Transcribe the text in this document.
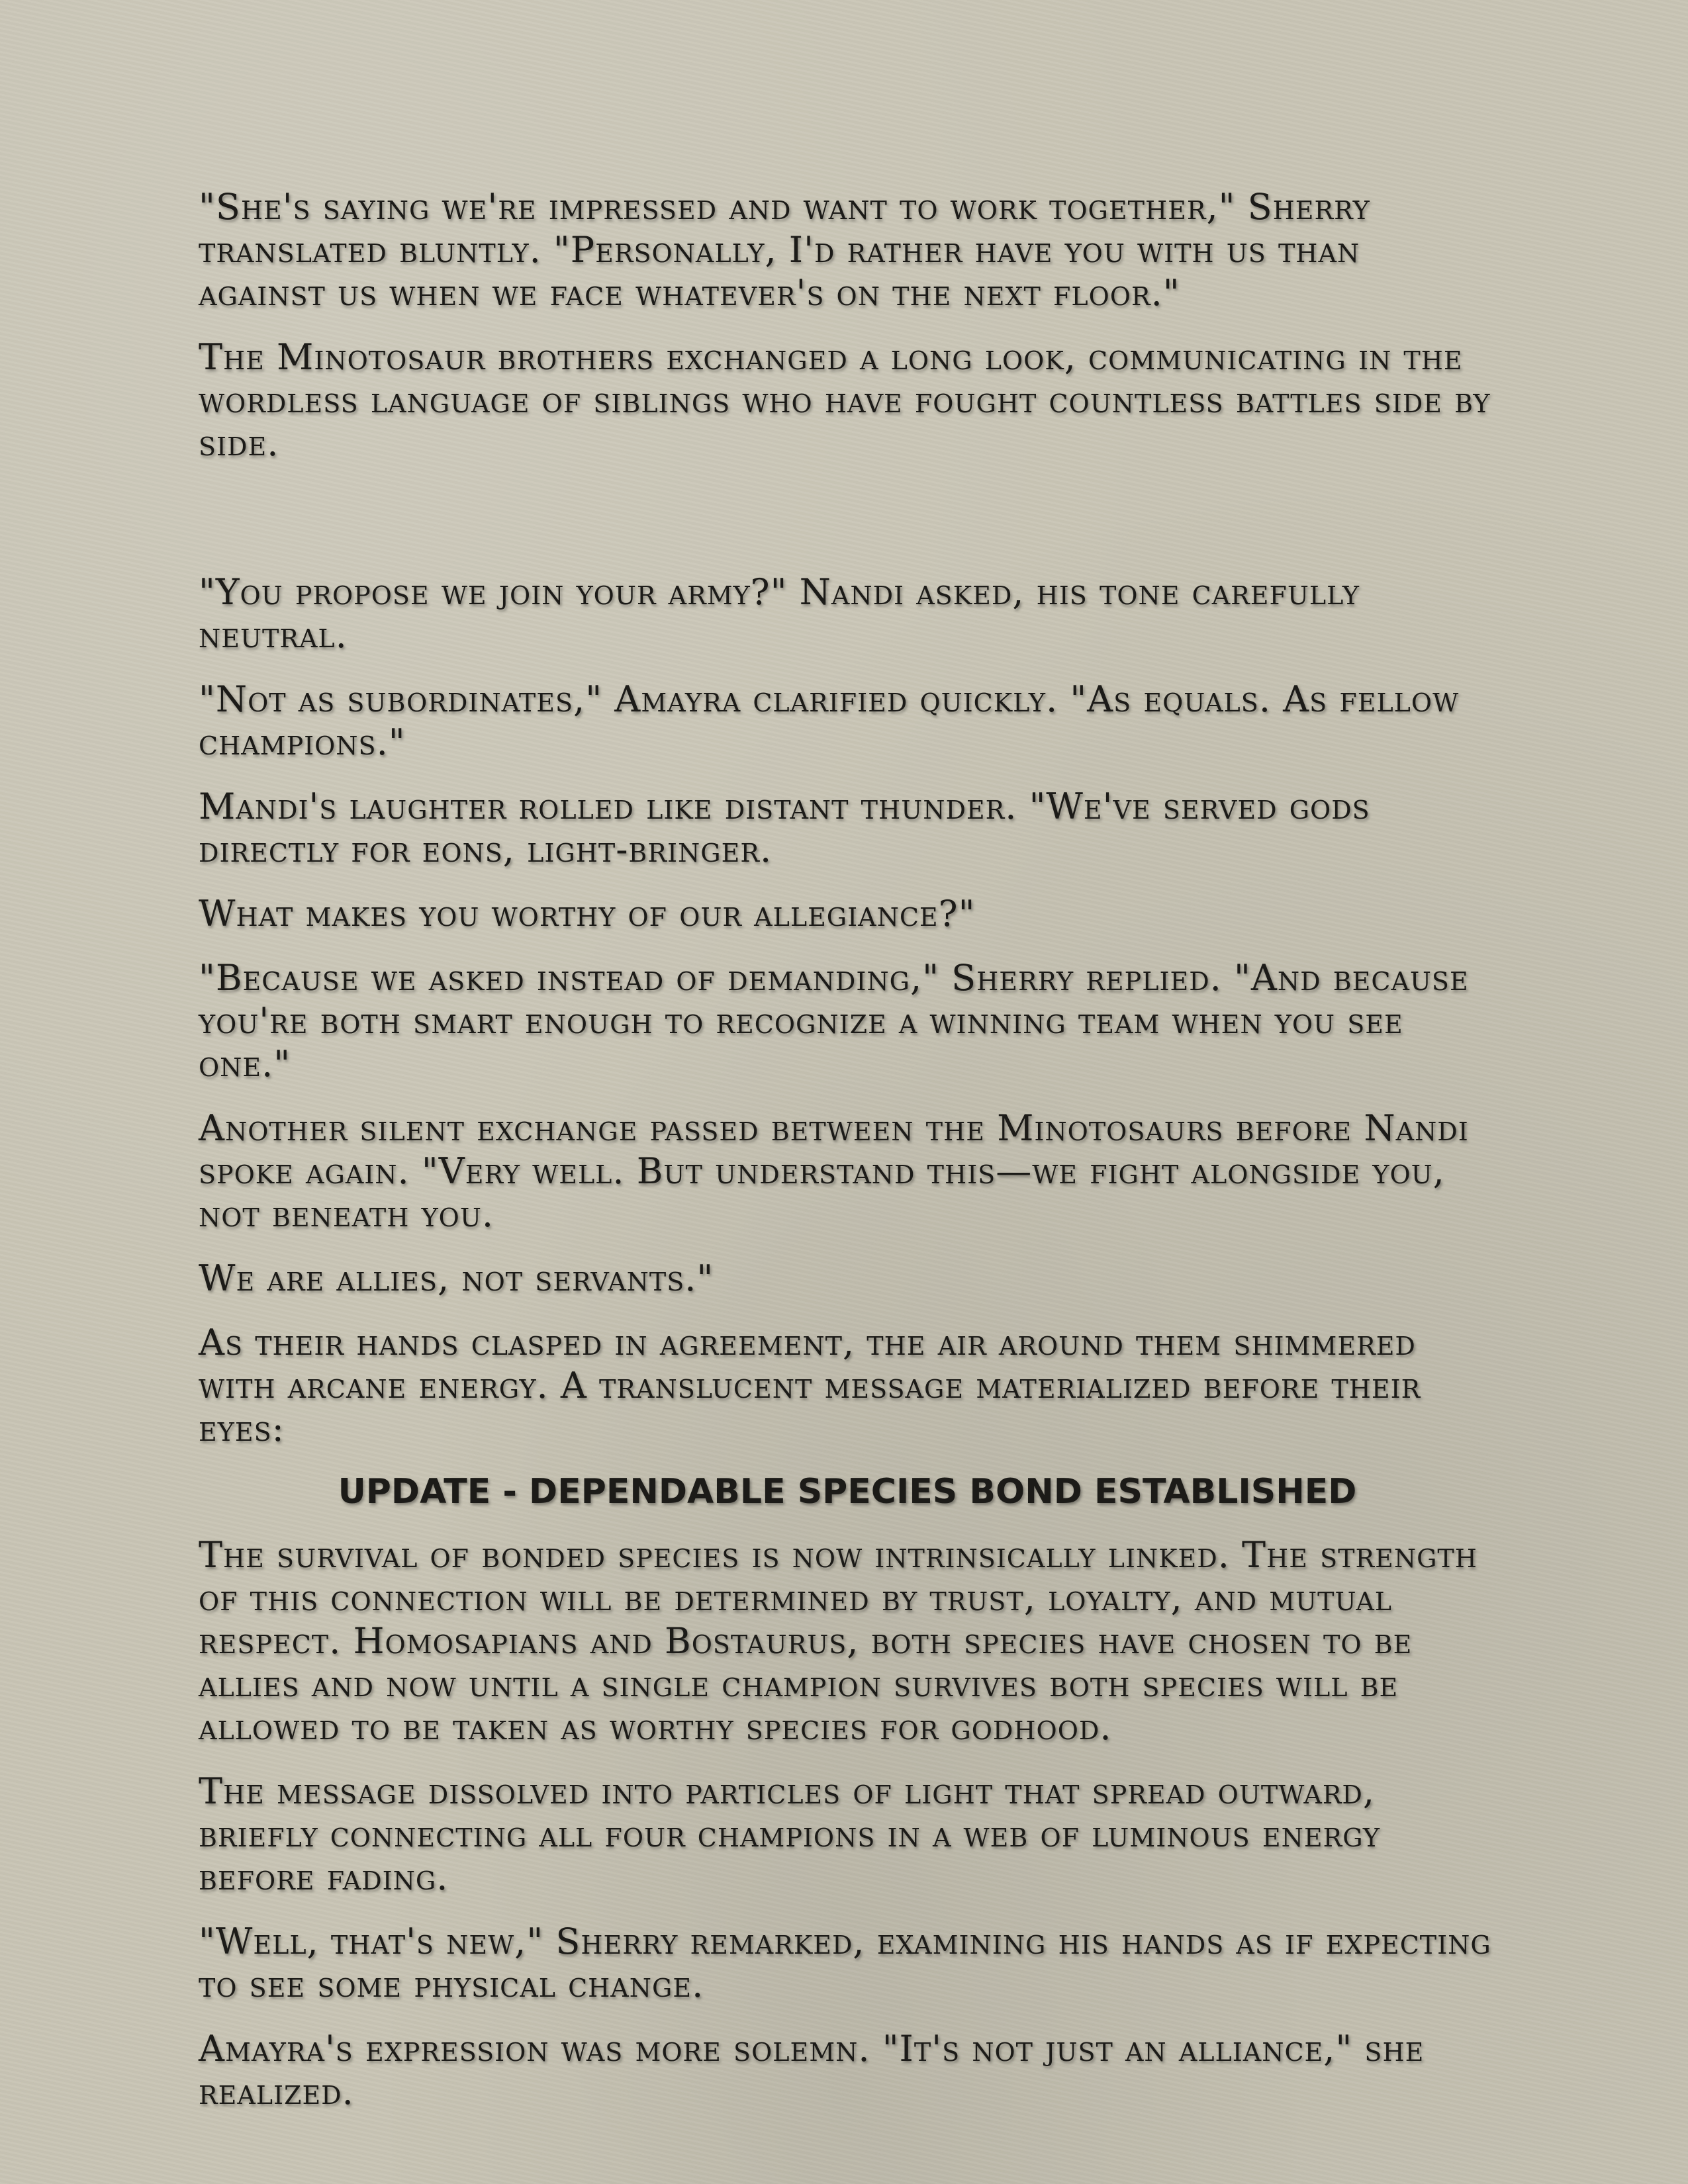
"She's saying we're impressed and want to work together," Sherry translated bluntly. "Personally, I'd rather have you with us than against us when we face whatever's on the next floor."

The Minotosaur brothers exchanged a long look, communicating in the wordless language of siblings who have fought countless battles side by side.

"You propose we join your army?" Nandi asked, his tone carefully neutral.

"Not as subordinates," Amayra clarified quickly. "As equals. As fellow champions."

Mandi's laughter rolled like distant thunder. "We've served gods directly for eons, light-bringer.

What makes you worthy of our allegiance?"

"Because we asked instead of demanding," Sherry replied. "And because you're both smart enough to recognize a winning team when you see one."

Another silent exchange passed between the Minotosaurs before Nandi spoke again. "Very well. But understand this—we fight alongside you, not beneath you.

We are allies, not servants."

As their hands clasped in agreement, the air around them shimmered with arcane energy. A translucent message materialized before their eyes:

UPDATE - DEPENDABLE SPECIES BOND ESTABLISHED

The survival of bonded species is now intrinsically linked. The strength of this connection will be determined by trust, loyalty, and mutual respect. Homosapians and Bostaurus, both species have chosen to be allies and now until a single champion survives both species will be allowed to be taken as worthy species for godhood.

The message dissolved into particles of light that spread outward, briefly connecting all four champions in a web of luminous energy before fading.

"Well, that's new," Sherry remarked, examining his hands as if expecting to see some physical change.

Amayra's expression was more solemn. "It's not just an alliance," she realized.
